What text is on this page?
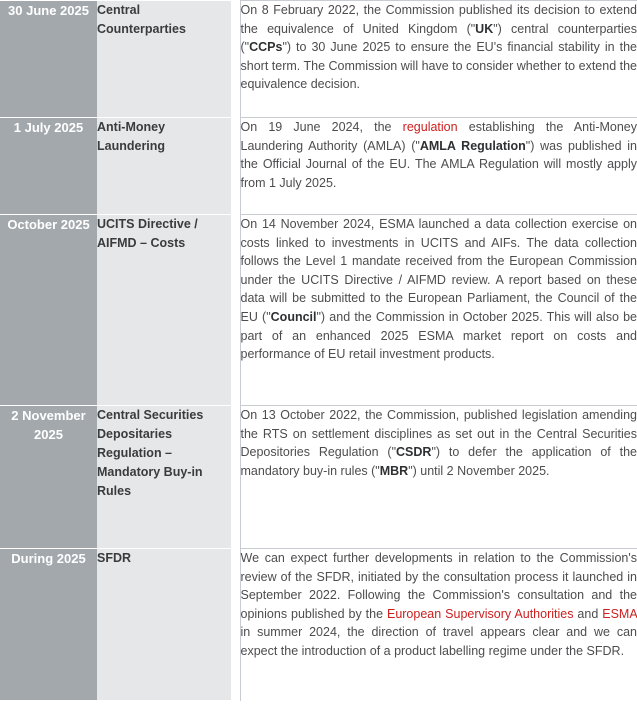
30 June 2025	Central Counterparties		On 8 February 2022, the Commission published its decision to extend the equivalence of United Kingdom ("UK") central counterparties ("CCPs") to 30 June 2025 to ensure the EU's financial stability in the short term. The Commission will have to consider whether to extend the equivalence decision.
1 July 2025	Anti-Money Laundering		On 19 June 2024, the regulation establishing the Anti-Money Laundering Authority (AMLA) ("AMLA Regulation") was published in the Official Journal of the EU. The AMLA Regulation will mostly apply from 1 July 2025.
October 2025	UCITS Directive / AIFMD – Costs		On 14 November 2024, ESMA launched a data collection exercise on costs linked to investments in UCITS and AIFs. The data collection follows the Level 1 mandate received from the European Commission under the UCITS Directive / AIFMD review. A report based on these data will be submitted to the European Parliament, the Council of the EU ("Council") and the Commission in October 2025. This will also be part of an enhanced 2025 ESMA market report on costs and performance of EU retail investment products.
2 November 2025	Central Securities Depositaries Regulation – Mandatory Buy-in Rules		On 13 October 2022, the Commission, published legislation amending the RTS on settlement disciplines as set out in the Central Securities Depositories Regulation ("CSDR") to defer the application of the mandatory buy-in rules ("MBR") until 2 November 2025.
During 2025	SFDR		We can expect further developments in relation to the Commission's review of the SFDR, initiated by the consultation process it launched in September 2022. Following the Commission's consultation and the opinions published by the European Supervisory Authorities and ESMA in summer 2024, the direction of travel appears clear and we can expect the introduction of a product labelling regime under the SFDR.
